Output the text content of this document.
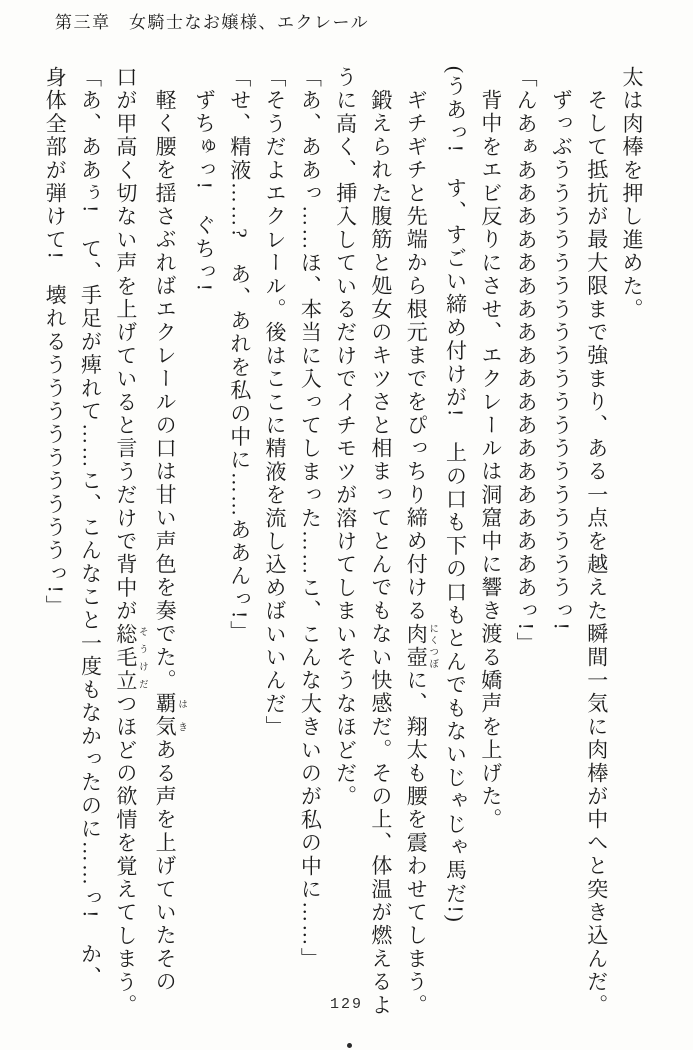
第三章　女騎士なお嬢様、エクレール
太は肉棒を押し進めた。
そして抵抗が最大限まで強まり、ある一点を越えた瞬間一気に肉棒が中へと突き込んだ。
ずっぶうううううううううううううううううううっ!
「んあぁあああああああああああああああああああっ!」
背中をエビ反りにさせ、エクレールは洞窟中に響き渡る嬌声を上げた。
(うあっ!　す、すごい締め付けが!　上の口も下の口もとんでもないじゃじゃ馬だ!)
ギチギチと先端から根元までをぴっちり締め付ける肉壺 にくつぼに、翔太も腰を震わせてしまう。
鍛えられた腹筋と処女のキツさと相まってとんでもない快感だ。その上、体温が燃えるよ
うに高く、挿入しているだけでイチモツが溶けてしまいそうなほどだ。
「あ、ああっ……ほ、本当に入ってしまった……こ、こんな大きいのが私の中に……」
「そうだよエクレール。後はここに精液を流し込めばいいんだ」
「せ、精液……?　あ、あれを私の中に……ああんっ!」
ずちゅっ!　ぐちっ!
軽く腰を揺さぶればエクレールの口は甘い声色を奏でた。覇気 はきある声を上げていたその
口が甲高く切ない声を上げていると言うだけで背中が総毛立 そうけだつほどの欲情を覚えてしまう。
「あ、ああぅ!　て、手足が痺れて……こ、こんなこと一度もなかったのに……っ!　か、
身体全部が弾けて!　壊れるうううううううううっ!」
129
